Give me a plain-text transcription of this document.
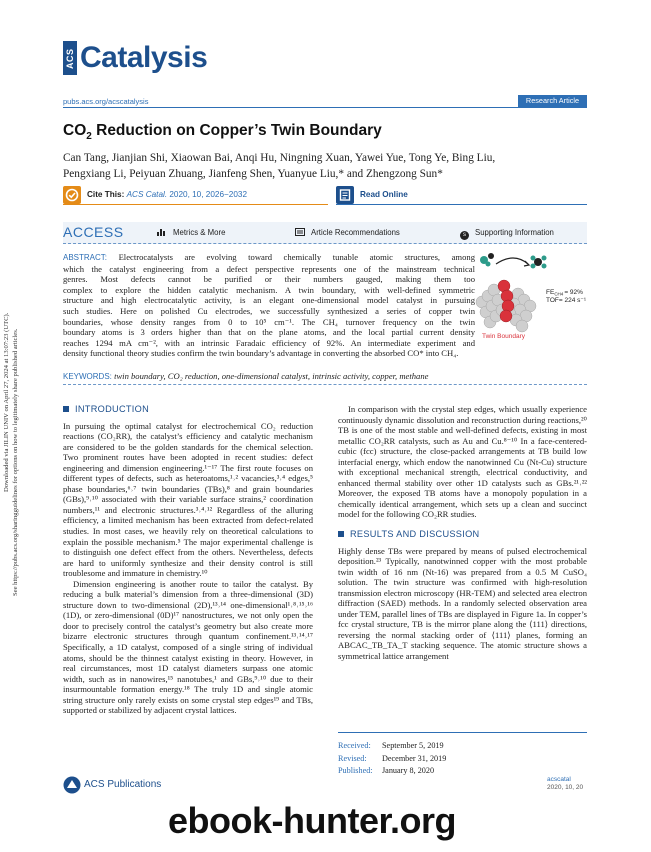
Downloaded via JILIN UNIV on April 27, 2024 at 13:07:23 (UTC). See https://pubs.acs.org/sharingguidelines for options on how to legitimately share published articles.
ACS Catalysis
pubs.acs.org/acscatalysis	Research Article
$CO_2$ Reduction on Copper’s Twin Boundary
Can Tang, Jianjian Shi, Xiaowan Bai, Anqi Hu, Ningning Xuan, Yawei Yue, Tong Ye, Bing Liu,
Pengxiang Li, Peiyuan Zhuang, Jianfeng Shen, Yuanyue Liu,* and Zhengzong Sun*
Cite This: ACS Catal. 2020, 10, 2026−2032	Read Online
ACCESS	Metrics & More	Article Recommendations	s Supporting Information
ABSTRACT: Electrocatalysts are evolving toward chemically tunable atomic structures, among
which the catalyst engineering from a defect perspective represents one of the mainstream technical
genres. Most defects cannot be purified or their numbers gauged, making them too
complex to explore the hidden catalytic mechanism. A twin boundary, with well-defined symmetric
structure and high electrocatalytic activity, is an elegant one-dimensional model catalyst in pursuing
such studies. Here on polished Cu electrodes, we successfully synthesized a series of copper twin
boundaries, whose density ranges from 0 to 10⁵ cm⁻¹. The CH₄ turnover frequency on the twin
boundary atoms is 3 orders higher than that on the plane atoms, and the local partial current density
reaches 1294 mA cm⁻², with an intrinsic Faradaic efficiency of 92%. An intermediate experiment and
density functional theory studies confirm the twin boundary’s advantage in converting the absorbed CO* into CH₄.
KEYWORDS: twin boundary, CO₂ reduction, one-dimensional catalyst, intrinsic activity, copper, methane
$FE_{CH4}= 92\%$
TOF= 224 s⁻¹
Twin Boundary
INTRODUCTION

In pursuing the optimal catalyst for electrochemical CO₂ reduction reactions (CO₂RR), the catalyst’s efficiency and catalytic mechanism are considered to be the golden standards for the chemical selection. Two prominent routes have been adopted in recent studies: defect engineering and dimension engineering.¹⁻¹⁷ The first route focuses on different types of defects, such as heteroatoms,¹˒² vacancies,³˒⁴ edges,⁵ phase boundaries,⁶˒⁷ twin boundaries (TBs),⁸ and grain boundaries (GBs),⁹˒¹⁰ associated with their variable surface strains,² coordination numbers,¹¹ and electronic structures.³˒⁴˒¹² Regardless of the alluring efficiency, a limited mechanism has been extracted from defect-related studies. In most cases, we heavily rely on theoretical calculations to explain the possible mechanism.⁵ The major experimental challenge is to distinguish one defect effect from the others. Nevertheless, defects are hard to uniformly synthesize and their density control is still troublesome and immature in chemistry.¹⁰

Dimension engineering is another route to tailor the catalyst. By reducing a bulk material’s dimension from a three-dimensional (3D) structure down to two-dimensional (2D),¹³˒¹⁴ one-dimensional¹˒⁸˒¹⁵˒¹⁶ (1D), or zero-dimensional (0D)¹⁷ nanostructures, we not only open the door to precisely control the catalyst’s geometry but also create more bizarre electronic structures through quantum confinement.¹³˒¹⁴˒¹⁷ Specifically, a 1D catalyst, composed of a single string of individual atoms, should be the thinnest catalyst existing in theory. However, in real circumstances, most 1D catalyst diameters surpass one atomic width, such as in nanowires,¹⁵ nanotubes,¹ and GBs,⁹˒¹⁰ due to their insurmountable formation energy.¹⁸ The truly 1D and single atomic string structure only rarely exists on some crystal step edges¹⁹ and TBs, supported or stabilized by adjacent crystal lattices.

In comparison with the crystal step edges, which usually experience continuously dynamic dissolution and reconstruction during reactions,²⁰ TB is one of the most stable and well-defined defects, existing in most metallic CO₂RR catalysts, such as Au and Cu.⁸⁻¹⁰ In a face-centered-cubic (fcc) structure, the close-packed arrangements at TB build low interfacial energy, which endow the nanotwinned Cu (Nt-Cu) structure with exceptional mechanical strength, electrical conductivity, and enhanced thermal stability over other 1D catalysts such as GBs.²¹˒²² Moreover, the exposed TB atoms have a monopoly population in a chemically identical arrangement, which sets up a clean and succinct model for the following CO₂RR studies.

RESULTS AND DISCUSSION

Highly dense TBs were prepared by means of pulsed electrochemical deposition.²³ Typically, nanotwinned copper with the most probable twin width of 16 nm (Nt-16) was prepared from a 0.5 M CuSO₄ solution. The twin structure was confirmed with high-resolution transmission electron microscopy (HR-TEM) and selected area electron diffraction (SAED) methods. In a randomly selected observation area under TEM, parallel lines of TBs are displayed in Figure 1a. In copper’s fcc crystal structure, TB is the mirror plane along the ⟨111⟩ directions, reversing the normal stacking order of ⟨111⟩ planes, forming an ABCAC_TB_TA_T stacking sequence. The atomic structure shows a symmetrical lattice arrangement

Received: September 5, 2019
Revised: December 31, 2019
Published: January 8, 2020
ACS Publications	acscatal
2020, 10, 20
ebook-hunter.org
